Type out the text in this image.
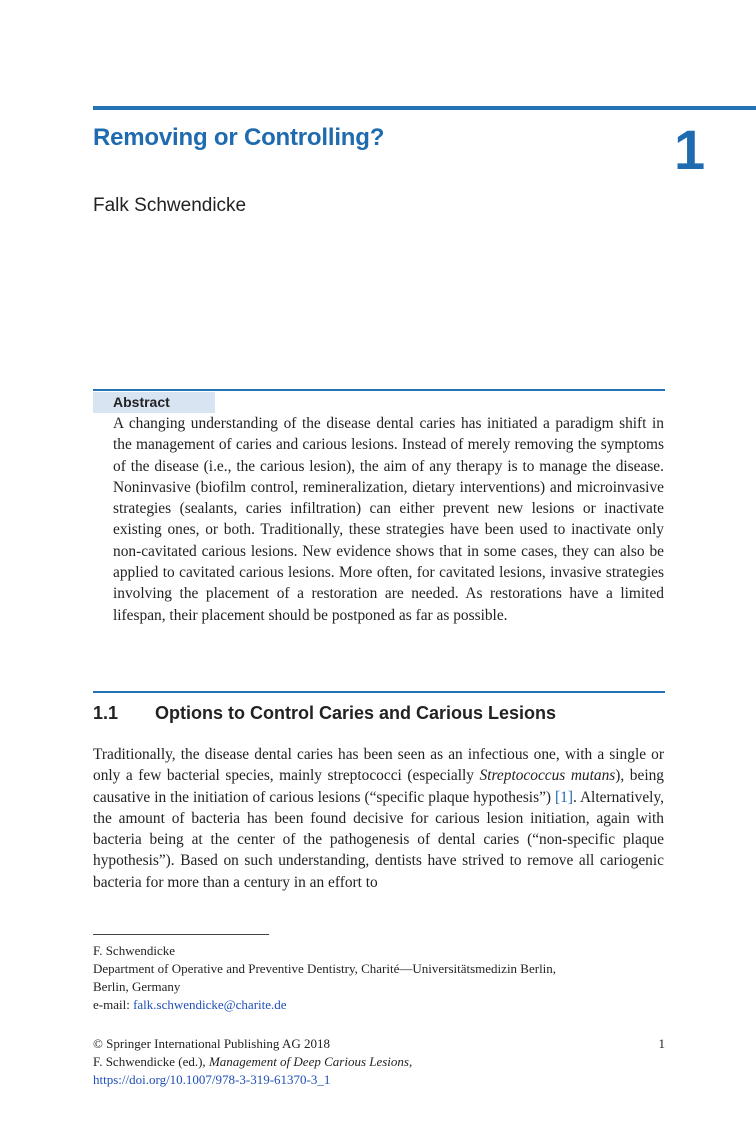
Removing or Controlling?	1
Falk Schwendicke
Abstract

A changing understanding of the disease dental caries has initiated a paradigm shift in the management of caries and carious lesions. Instead of merely removing the symptoms of the disease (i.e., the carious lesion), the aim of any therapy is to manage the disease. Noninvasive (biofilm control, remineralization, dietary interventions) and microinvasive strategies (sealants, caries infiltration) can either prevent new lesions or inactivate existing ones, or both. Traditionally, these strategies have been used to inactivate only non-cavitated carious lesions. New evidence shows that in some cases, they can also be applied to cavitated carious lesions. More often, for cavitated lesions, invasive strategies involving the placement of a restoration are needed. As restorations have a limited lifespan, their placement should be postponed as far as possible.

1.1 Options to Control Caries and Carious Lesions

Traditionally, the disease dental caries has been seen as an infectious one, with a single or only a few bacterial species, mainly streptococci (especially Streptococcus mutans), being causative in the initiation of carious lesions (“specific plaque hypothesis”) [1]. Alternatively, the amount of bacteria has been found decisive for carious lesion initiation, again with bacteria being at the center of the pathogenesis of dental caries (“non-specific plaque hypothesis”). Based on such understanding, dentists have strived to remove all cariogenic bacteria for more than a century in an effort to

F. Schwendicke
Department of Operative and Preventive Dentistry, Charité—Universitätsmedizin Berlin,
Berlin, Germany
e-mail: falk.schwendicke@charite.de
© Springer International Publishing AG 2018
F. Schwendicke (ed.), Management of Deep Carious Lesions,
https://doi.org/10.1007/978-3-319-61370-3_1
1
